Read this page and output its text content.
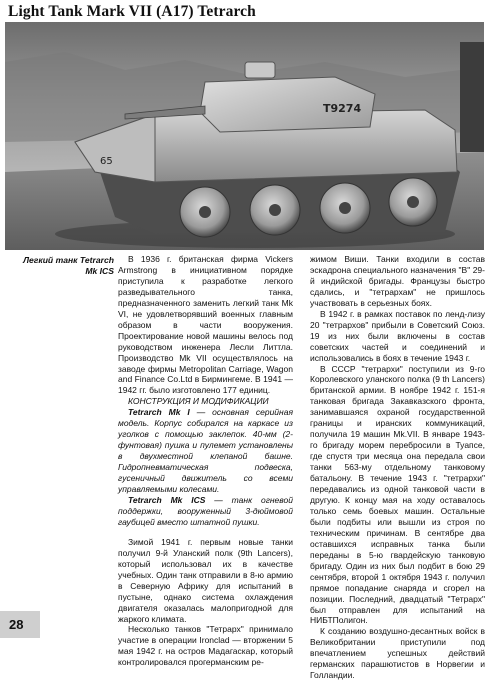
Light Tank Mark VII (A17) Tetrarch
T9274
65
Легкий танк Tetrarch
Mk ICS

В 1936 г. британская фирма Vickers Armstrong в инициативном порядке приступила к разработке легкого разведывательного танка, предназначенного заменить легкий танк Mk VI, не удовлетворявший военных главным образом в части вооружения. Проектирование новой машины велось под руководством инженера Лесли Литтла. Производство Mk VII осуществлялось на заводе фирмы Metropolitan Carriage, Wagon and Finance Co.Ltd в Бирмингеме. В 1941 — 1942 гг. было изготовлено 177 единиц.

КОНСТРУКЦИЯ И МОДИФИКАЦИИ

Tetrarch Mk I — основная серийная модель. Корпус собирался на каркасе из уголков с помощью заклепок. 40-мм (2-фунтовая) пушка и пулемет установлены в двухместной клепаной башне. Гидропневматическая подвеска, гусеничный движитель со всеми управляемыми колесами.

Tetrarch Mk ICS — танк огневой поддержки, вооруженный 3-дюймовой гаубицей вместо штатной пушки.

Зимой 1941 г. первым новые танки получил 9-й Уланский полк (9th Lancers), который использовал их в качестве учебных. Один танк отправили в 8-ю армию в Северную Африку для испытаний в пустыне, однако система охлаждения двигателя оказалась малопригодной для жаркого климата.

Несколько танков "Тетрарх" принимало участие в операции Ironclad — вторжении 5 мая 1942 г. на остров Мадагаскар, который контролировался прогерманским ре-

жимом Виши. Танки входили в состав эскадрона специального назначения "B" 29-й индийской бригады. Французы быстро сдались, и "тетрархам" не пришлось участвовать в серьезных боях.

В 1942 г. в рамках поставок по ленд-лизу 20 "тетрархов" прибыли в Советский Союз. 19 из них были включены в состав советских частей и соединений и использовались в боях в течение 1943 г.

В СССР "тетрархи" поступили из 9-го Королевского уланского полка (9 th Lancers) британской армии. В ноябре 1942 г. 151-я танковая бригада Закавказского фронта, занимавшаяся охраной государственной границы и иранских коммуникаций, получила 19 машин Mk.VII. В январе 1943-го бригаду морем перебросили в Туапсе, где спустя три месяца она передала свои танки 563-му отдельному танковому батальону. В течение 1943 г. "тетрархи" передавались из одной танковой части в другую. К концу мая на ходу оставалось только семь боевых машин. Остальные были подбиты или вышли из строя по техническим причинам. В сентябре два оставшихся исправных танка были переданы в 5-ю гвардейскую танковую бригаду. Один из них был подбит в бою 29 сентября, второй 1 октября 1943 г. получил прямое попадание снаряда и сгорел на позиции. Последний, двадцатый "Тетрарх" был отправлен для испытаний на НИБТПолигон.

К созданию воздушно-десантных войск в Великобритании приступили под впечатлением успешных действий германских парашютистов в Норвегии и Голландии.

28
